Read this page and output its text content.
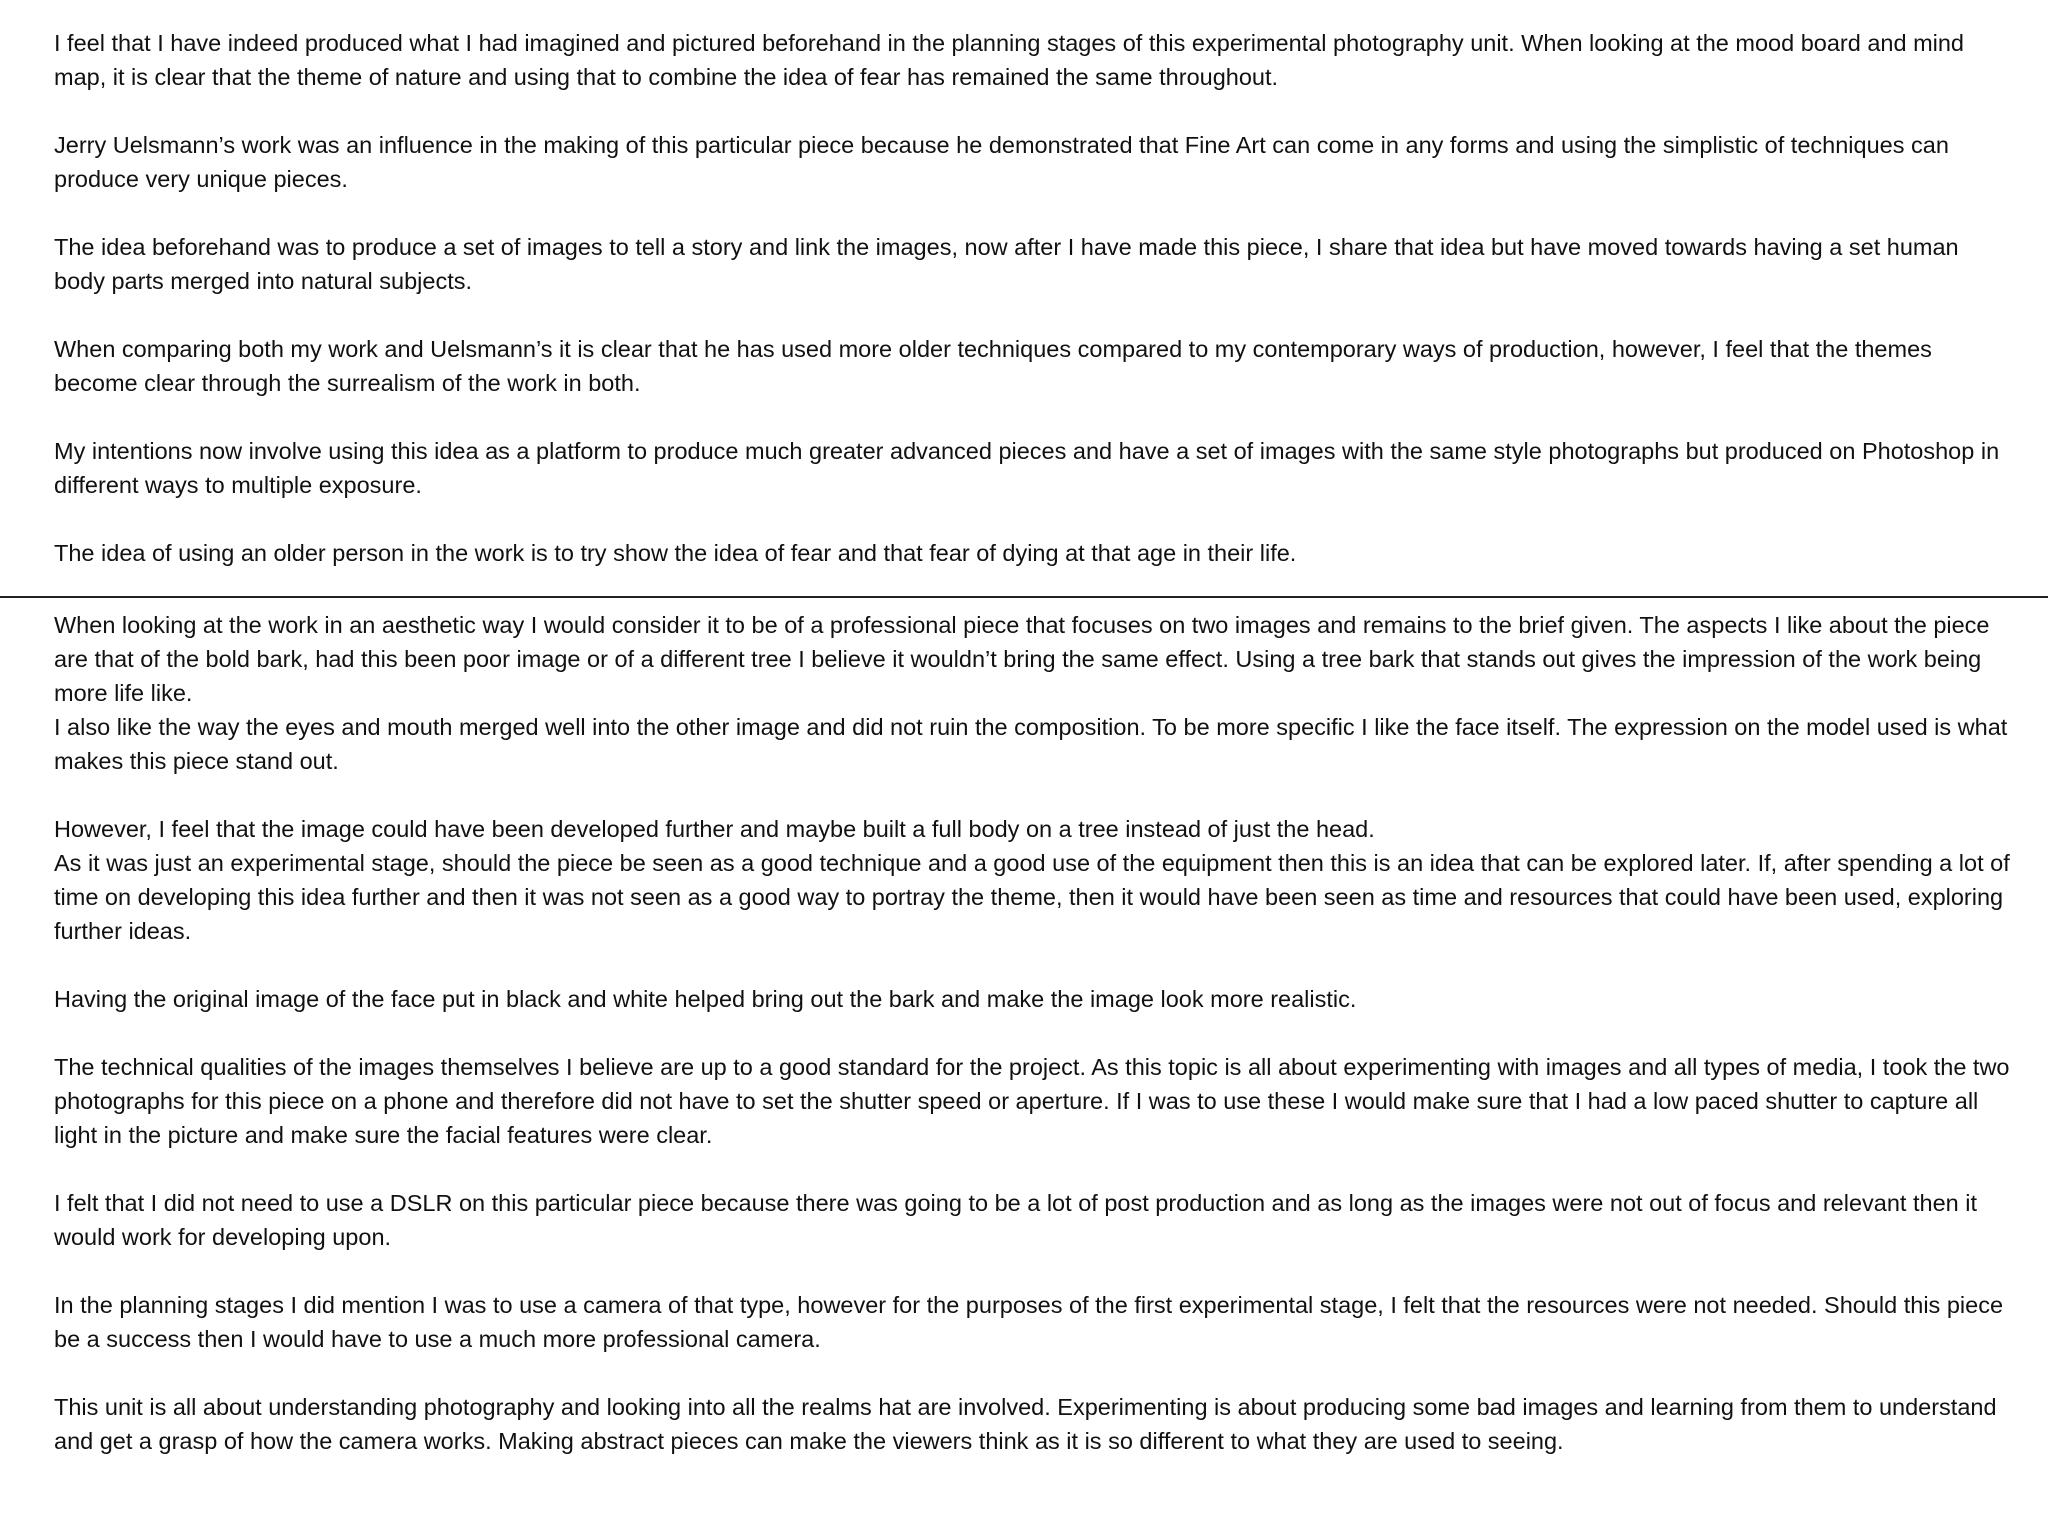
I feel that I have indeed produced what I had imagined and pictured beforehand in the planning stages of this experimental photography unit. When looking at the mood board and mind map, it is clear that the theme of nature and using that to combine the idea of fear has remained the same throughout.

Jerry Uelsmann’s work was an influence in the making of this particular piece because he demonstrated that Fine Art can come in any forms and using the simplistic of techniques can produce very unique pieces.

The idea beforehand was to produce a set of images to tell a story and link the images, now after I have made this piece, I share that idea but have moved towards having a set human body parts merged into natural subjects.

When comparing both my work and Uelsmann’s it is clear that he has used more older techniques compared to my contemporary ways of production, however, I feel that the themes become clear through the surrealism of the work in both.

My intentions now involve using this idea as a platform to produce much greater advanced pieces and have a set of images with the same style photographs but produced on Photoshop in different ways to multiple exposure.

The idea of using an older person in the work is to try show the idea of fear and that fear of dying at that age in their life.

When looking at the work in an aesthetic way I would consider it to be of a professional piece that focuses on two images and remains to the brief given. The aspects I like about the piece are that of the bold bark, had this been poor image or of a different tree I believe it wouldn’t bring the same effect. Using a tree bark that stands out gives the impression of the work being more life like.

I also like the way the eyes and mouth merged well into the other image and did not ruin the composition. To be more specific I like the face itself. The expression on the model used is what makes this piece stand out.

However, I feel that the image could have been developed further and maybe built a full body on a tree instead of just the head.

As it was just an experimental stage, should the piece be seen as a good technique and a good use of the equipment then this is an idea that can be explored later. If, after spending a lot of time on developing this idea further and then it was not seen as a good way to portray the theme, then it would have been seen as time and resources that could have been used, exploring further ideas.

Having the original image of the face put in black and white helped bring out the bark and make the image look more realistic.

The technical qualities of the images themselves I believe are up to a good standard for the project. As this topic is all about experimenting with images and all types of media, I took the two photographs for this piece on a phone and therefore did not have to set the shutter speed or aperture. If I was to use these I would make sure that I had a low paced shutter to capture all light in the picture and make sure the facial features were clear.

I felt that I did not need to use a DSLR on this particular piece because there was going to be a lot of post production and as long as the images were not out of focus and relevant then it would work for developing upon.

In the planning stages I did mention I was to use a camera of that type, however for the purposes of the first experimental stage, I felt that the resources were not needed. Should this piece be a success then I would have to use a much more professional camera.

This unit is all about understanding photography and looking into all the realms hat are involved. Experimenting is about producing some bad images and learning from them to understand and get a grasp of how the camera works. Making abstract pieces can make the viewers think as it is so different to what they are used to seeing.
